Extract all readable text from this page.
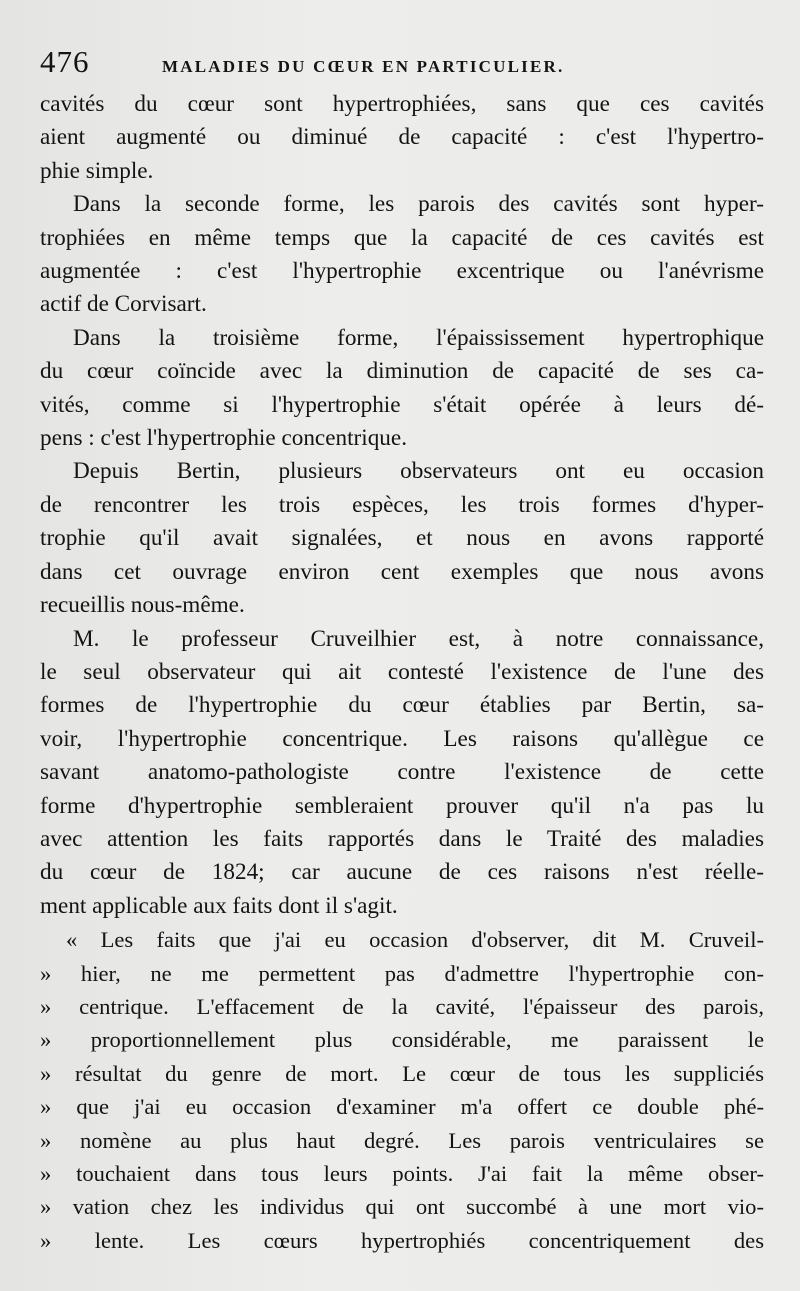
476	MALADIES DU CŒUR EN PARTICULIER.

cavités du cœur sont hypertrophiées, sans que ces cavités
aient augmenté ou diminué de capacité : c'est l'hypertro-
phie simple.

Dans la seconde forme, les parois des cavités sont hyper-
trophiées en même temps que la capacité de ces cavités est
augmentée : c'est l'hypertrophie excentrique ou l'anévrisme
actif de Corvisart.

Dans la troisième forme, l'épaississement hypertrophique
du cœur coïncide avec la diminution de capacité de ses ca-
vités, comme si l'hypertrophie s'était opérée à leurs dé-
pens : c'est l'hypertrophie concentrique.

Depuis Bertin, plusieurs observateurs ont eu occasion
de rencontrer les trois espèces, les trois formes d'hyper-
trophie qu'il avait signalées, et nous en avons rapporté
dans cet ouvrage environ cent exemples que nous avons
recueillis nous-même.

M. le professeur Cruveilhier est, à notre connaissance,
le seul observateur qui ait contesté l'existence de l'une des
formes de l'hypertrophie du cœur établies par Bertin, sa-
voir, l'hypertrophie concentrique. Les raisons qu'allègue ce
savant anatomo-pathologiste contre l'existence de cette
forme d'hypertrophie sembleraient prouver qu'il n'a pas lu
avec attention les faits rapportés dans le Traité des maladies
du cœur de 1824; car aucune de ces raisons n'est réelle-
ment applicable aux faits dont il s'agit.

« Les faits que j'ai eu occasion d'observer, dit M. Cruveil-
» hier, ne me permettent pas d'admettre l'hypertrophie con-
» centrique. L'effacement de la cavité, l'épaisseur des parois,
» proportionnellement plus considérable, me paraissent le
» résultat du genre de mort. Le cœur de tous les suppliciés
» que j'ai eu occasion d'examiner m'a offert ce double phé-
» nomène au plus haut degré. Les parois ventriculaires se
» touchaient dans tous leurs points. J'ai fait la même obser-
» vation chez les individus qui ont succombé à une mort vio-
» lente. Les cœurs hypertrophiés concentriquement des
